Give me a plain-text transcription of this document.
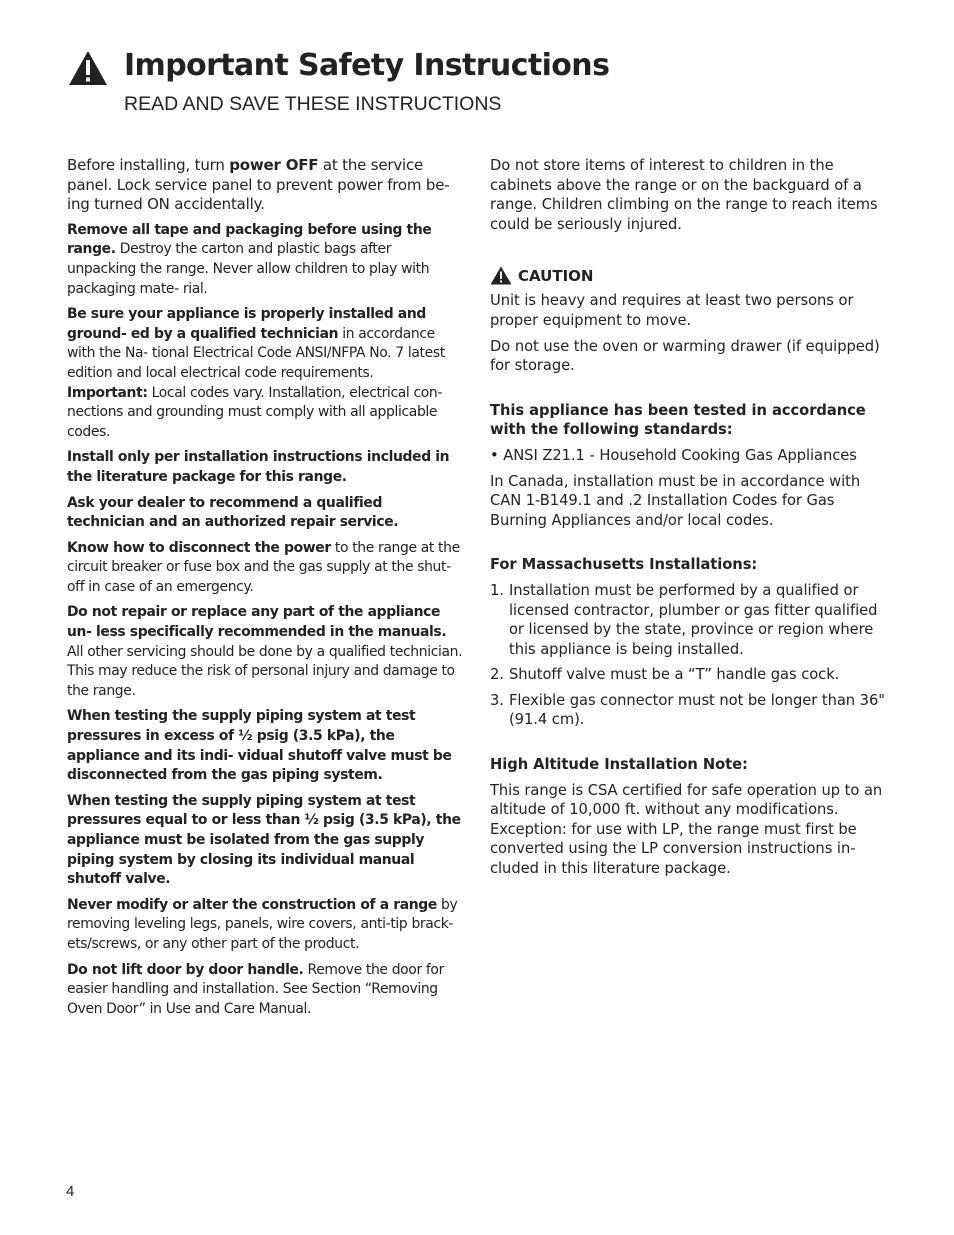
Important Safety Instructions
READ AND SAVE THESE INSTRUCTIONS

Before installing, turn power OFF at the service panel. Lock service panel to prevent power from be- ing turned ON accidentally.

Remove all tape and packaging before using the range. Destroy the carton and plastic bags after unpacking the range. Never allow children to play with packaging mate- rial.

Be sure your appliance is properly installed and ground- ed by a qualified technician in accordance with the Na- tional Electrical Code ANSI/NFPA No. 7 latest edition and local electrical code requirements.

Important: Local codes vary. Installation, electrical con- nections and grounding must comply with all applicable codes.

Install only per installation instructions included in the literature package for this range.

Ask your dealer to recommend a qualified technician and an authorized repair service.

Know how to disconnect the power to the range at the circuit breaker or fuse box and the gas supply at the shut- off in case of an emergency.

Do not repair or replace any part of the appliance un- less specifically recommended in the manuals. All other servicing should be done by a qualified technician. This may reduce the risk of personal injury and damage to the range.

When testing the supply piping system at test pressures in excess of ½ psig (3.5 kPa), the appliance and its indi- vidual shutoff valve must be disconnected from the gas piping system.

When testing the supply piping system at test pressures equal to or less than ½ psig (3.5 kPa), the appliance must be isolated from the gas supply piping system by closing its individual manual shutoff valve.

Never modify or alter the construction of a range by removing leveling legs, panels, wire covers, anti-tip brack- ets/screws, or any other part of the product.

Do not lift door by door handle. Remove the door for easier handling and installation. See Section “Removing Oven Door” in Use and Care Manual.

Do not store items of interest to children in the cabinets above the range or on the backguard of a range. Children climbing on the range to reach items could be seriously injured.

CAUTION

Unit is heavy and requires at least two persons or proper equipment to move.

Do not use the oven or warming drawer (if equipped) for storage.

This appliance has been tested in accordance with the following standards:

• ANSI Z21.1 - Household Cooking Gas Appliances

In Canada, installation must be in accordance with CAN 1-B149.1 and .2 Installation Codes for Gas Burning Appliances and/or local codes.

For Massachusetts Installations:

1. Installation must be performed by a qualified or licensed contractor, plumber or gas fitter qualified or licensed by the state, province or region where this appliance is being installed.
2. Shutoff valve must be a “T” handle gas cock.
3. Flexible gas connector must not be longer than 36" (91.4 cm).

High Altitude Installation Note:

This range is CSA certified for safe operation up to an altitude of 10,000 ft. without any modifications. Exception: for use with LP, the range must first be converted using the LP conversion instructions in- cluded in this literature package.

4
